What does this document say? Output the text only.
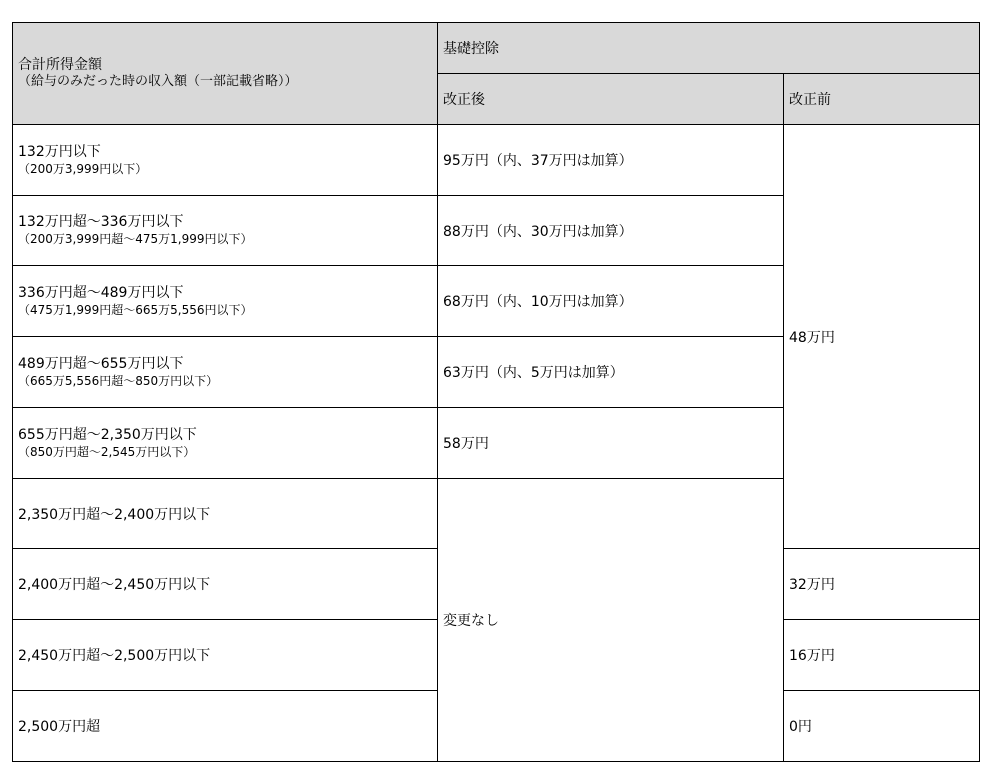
合計所得金額
（給与のみだった時の収入額（一部記載省略））	基礎控除	
	改正後	改正前

132万円以下
（200万3,999円以下）	95万円（内、37万円は加算）	48万円

132万円超～336万円以下
（200万3,999円超～475万1,999円以下）	88万円（内、30万円は加算）	

336万円超～489万円以下
（475万1,999円超～665万5,556円以下）	68万円（内、10万円は加算）	

489万円超～655万円以下
（665万5,556円超～850万円以下）	63万円（内、5万円は加算）	

655万円超～2,350万円以下
（850万円超～2,545万円以下）	58万円	
2,350万円超～2,400万円以下	変更なし	
2,400万円超～2,450万円以下		32万円
2,450万円超～2,500万円以下		16万円
2,500万円超		0円
